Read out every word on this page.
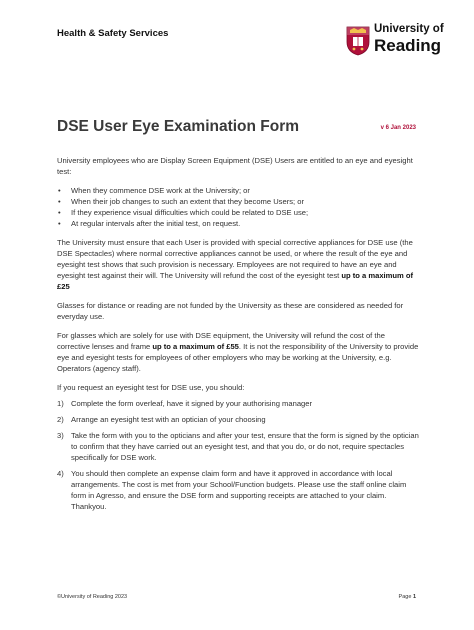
Health & Safety Services	University of
Reading
DSE User Eye Examination Form	v 6 Jan 2023

University employees who are Display Screen Equipment (DSE) Users are entitled to an eye and eyesight test:

• When they commence DSE work at the University; or
• When their job changes to such an extent that they become Users; or
• If they experience visual difficulties which could be related to DSE use;
• At regular intervals after the initial test, on request.

The University must ensure that each User is provided with special corrective appliances for DSE use (the DSE Spectacles) where normal corrective appliances cannot be used, or where the result of the eye and eyesight test shows that such provision is necessary. Employees are not required to have an eye and eyesight test against their will. The University will refund the cost of the eyesight test up to a maximum of £25

Glasses for distance or reading are not funded by the University as these are considered as needed for everyday use.

For glasses which are solely for use with DSE equipment, the University will refund the cost of the corrective lenses and frame up to a maximum of £55. It is not the responsibility of the University to provide eye and eyesight tests for employees of other employers who may be working at the University, e.g. Operators (agency staff).

If you request an eyesight test for DSE use, you should:

1) Complete the form overleaf, have it signed by your authorising manager
2) Arrange an eyesight test with an optician of your choosing
3) Take the form with you to the opticians and after your test, ensure that the form is signed by the optician to confirm that they have carried out an eyesight test, and that you do, or do not, require spectacles specifically for DSE work.
4) You should then complete an expense claim form and have it approved in accordance with local arrangements. The cost is met from your School/Function budgets. Please use the staff online claim form in Agresso, and ensure the DSE form and supporting receipts are attached to your claim. Thankyou.
©University of Reading 2023	Page 1
